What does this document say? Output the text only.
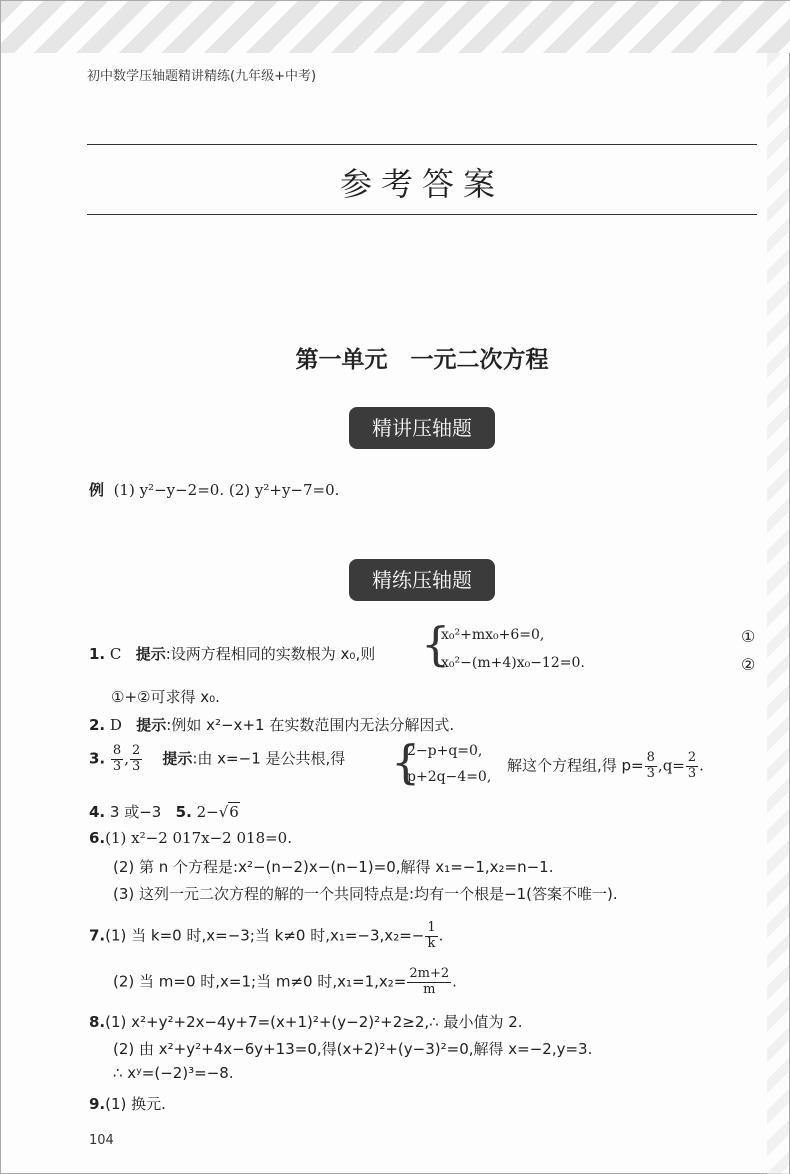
初中数学压轴题精讲精练(九年级+中考)
参考答案
第一单元　一元二次方程
精讲压轴题
例 (1) y²−y−2=0. (2) y²+y−7=0.
精练压轴题
1. C 提示:设两方程相同的实数根为 x₀,则 {
x₀²+mx₀+6=0,
x₀²−(m+4)x₀−12=0.
①
②
①+②可求得 x₀.
2. D 提示:例如 x²−x+1 在实数范围内无法分解因式.
3. $\frac{8}{3}$ , $\frac{2}{3}$ 提示:由 x=−1 是公共根,得 {
2−p+q=0,
p+2q−4=0,
解这个方程组,得 $p= \frac{8}{3} ,q= \frac{2}{3}$ .
4. 3 或−3 5. 2−√6
6.(1) x²−2 017x−2 018=0.
(2) 第 n 个方程是:x²−(n−2)x−(n−1)=0,解得 x₁=−1,x₂=n−1.
(3) 这列一元二次方程的解的一个共同特点是:均有一个根是−1(答案不唯一).
7.(1) 当 k=0 时,x=−3;当 k≠0 时$,x_1=-3,x_2=- \frac{1}{k}$ .
(2) 当 m=0 时,x=1;当 m≠0 时$,x_1=1,x_2= \frac{2m+2}{m}$ .
8.(1) x²+y²+2x−4y+7=(x+1)²+(y−2)²+2≥2,∴ 最小值为 2.
(2) 由 x²+y²+4x−6y+13=0,得(x+2)²+(y−3)²=0,解得 x=−2,y=3.
∴ xʸ=(−2)³=−8.
9.(1) 换元.
104
